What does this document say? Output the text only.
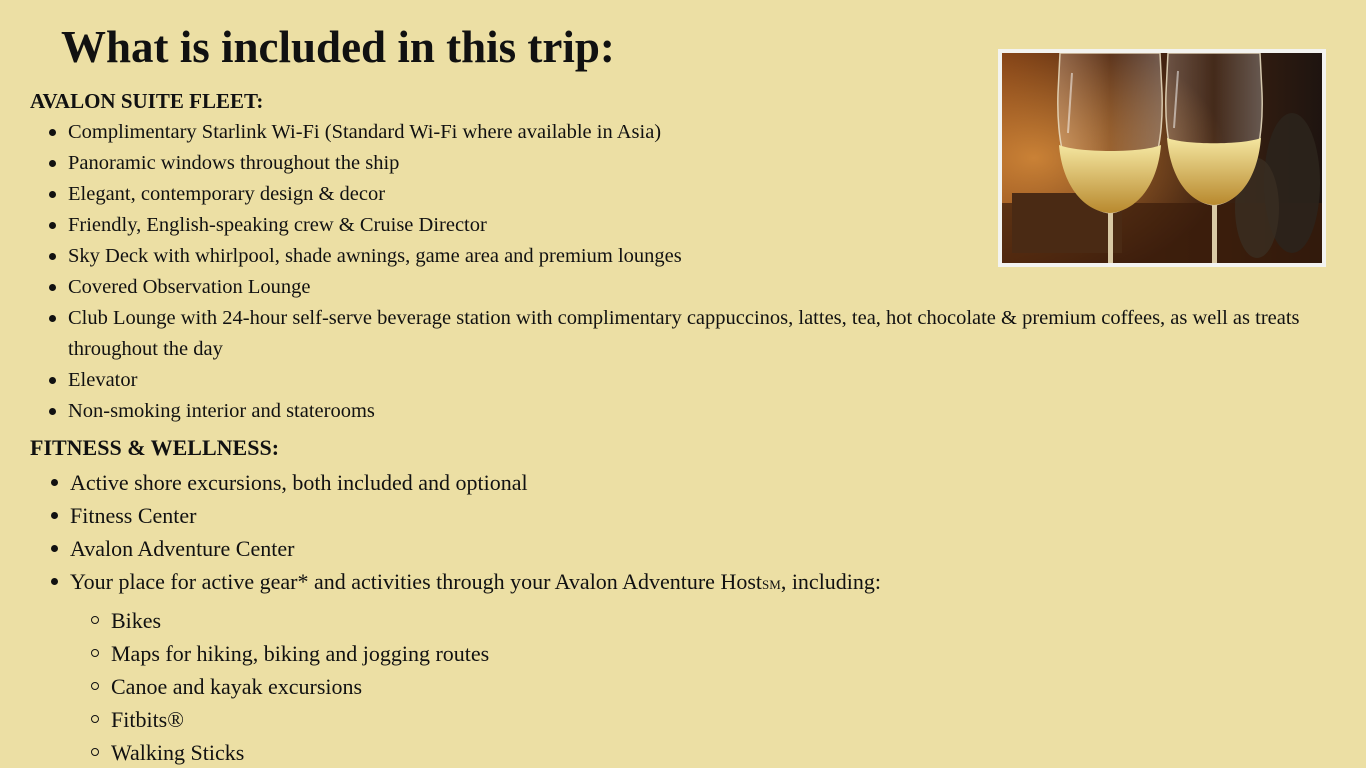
What is included in this trip:
AVALON SUITE FLEET:
Complimentary Starlink Wi-Fi (Standard Wi-Fi where available in Asia)
Panoramic windows throughout the ship
Elegant, contemporary design & decor
Friendly, English-speaking crew & Cruise Director
Sky Deck with whirlpool, shade awnings, game area and premium lounges
Covered Observation Lounge
Club Lounge with 24-hour self-serve beverage station with complimentary cappuccinos, lattes, tea, hot chocolate & premium coffees, as well as treats throughout the day
Elevator
Non-smoking interior and staterooms
FITNESS & WELLNESS:
Active shore excursions, both included and optional
Fitness Center
Avalon Adventure Center
Your place for active gear* and activities through your Avalon Adventure HostSM, including:
Bikes
Maps for hiking, biking and jogging routes
Canoe and kayak excursions
Fitbits®
Walking Sticks
